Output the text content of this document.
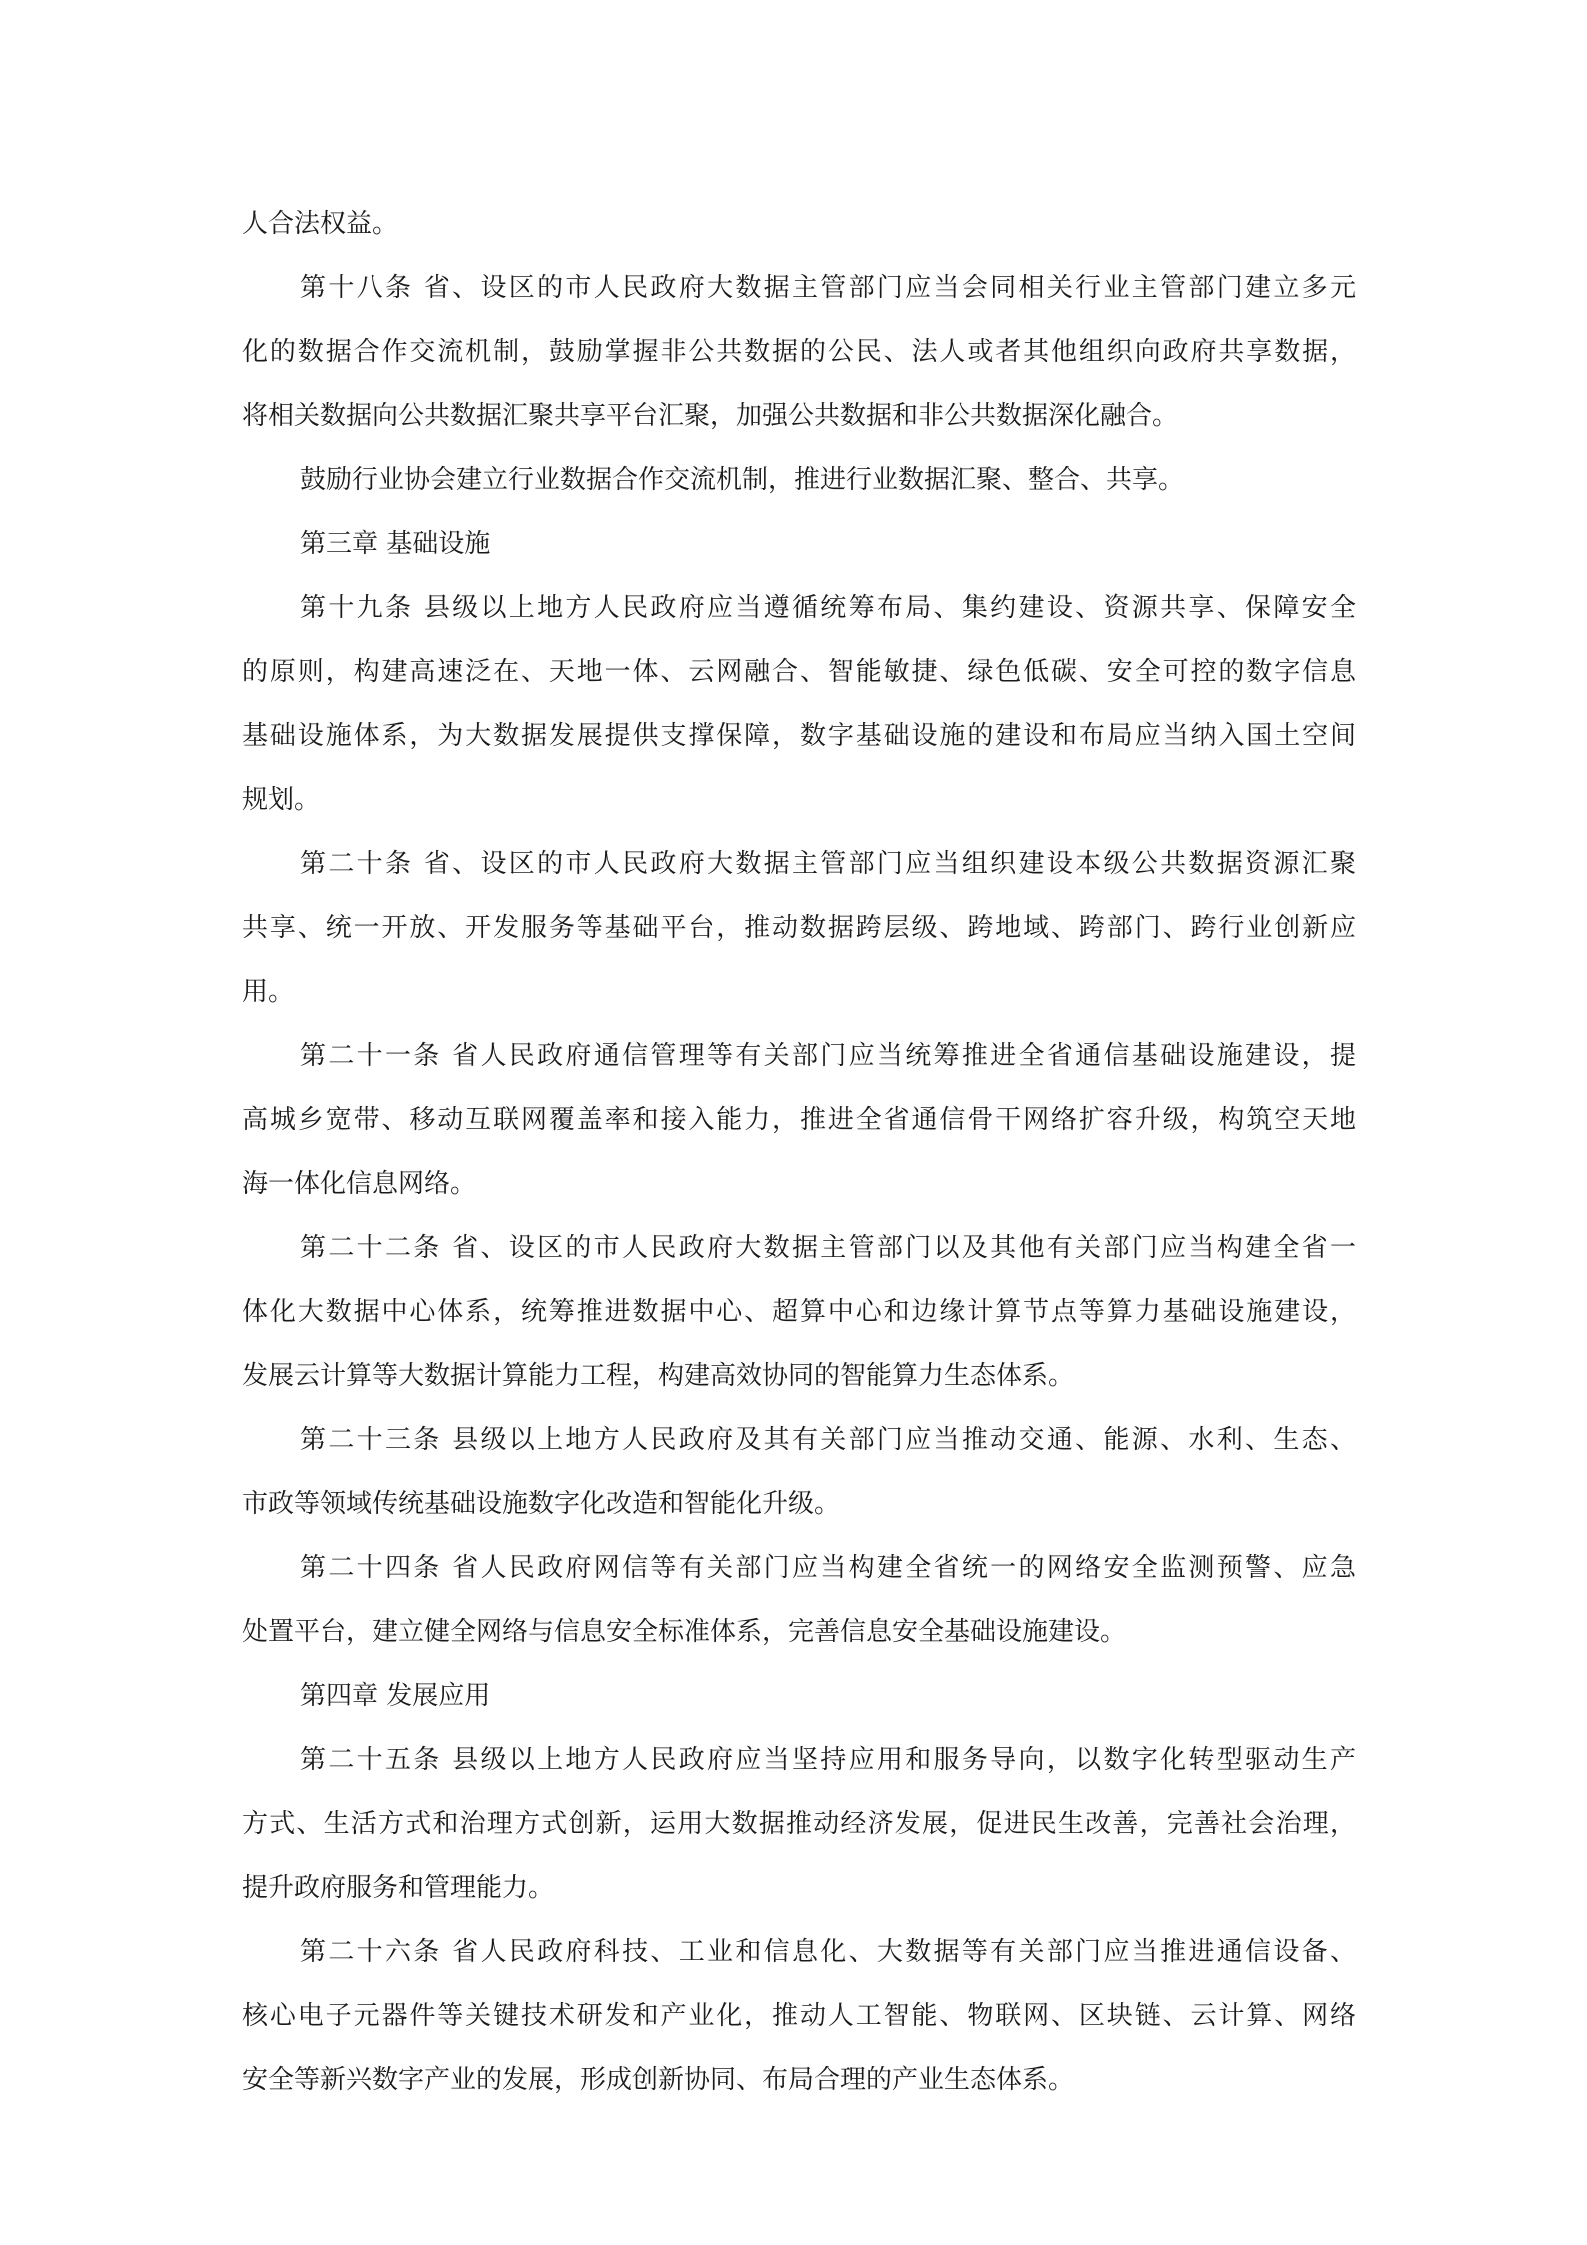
人合法权益。
第十八条 省、设区的市人民政府大数据主管部门应当会同相关行业主管部门建立多元
化的数据合作交流机制，鼓励掌握非公共数据的公民、法人或者其他组织向政府共享数据，
将相关数据向公共数据汇聚共享平台汇聚，加强公共数据和非公共数据深化融合。
鼓励行业协会建立行业数据合作交流机制，推进行业数据汇聚、整合、共享。
第三章 基础设施
第十九条 县级以上地方人民政府应当遵循统筹布局、集约建设、资源共享、保障安全
的原则，构建高速泛在、天地一体、云网融合、智能敏捷、绿色低碳、安全可控的数字信息
基础设施体系，为大数据发展提供支撑保障，数字基础设施的建设和布局应当纳入国土空间
规划。
第二十条 省、设区的市人民政府大数据主管部门应当组织建设本级公共数据资源汇聚
共享、统一开放、开发服务等基础平台，推动数据跨层级、跨地域、跨部门、跨行业创新应
用。
第二十一条 省人民政府通信管理等有关部门应当统筹推进全省通信基础设施建设，提
高城乡宽带、移动互联网覆盖率和接入能力，推进全省通信骨干网络扩容升级，构筑空天地
海一体化信息网络。
第二十二条 省、设区的市人民政府大数据主管部门以及其他有关部门应当构建全省一
体化大数据中心体系，统筹推进数据中心、超算中心和边缘计算节点等算力基础设施建设，
发展云计算等大数据计算能力工程，构建高效协同的智能算力生态体系。
第二十三条 县级以上地方人民政府及其有关部门应当推动交通、能源、水利、生态、
市政等领域传统基础设施数字化改造和智能化升级。
第二十四条 省人民政府网信等有关部门应当构建全省统一的网络安全监测预警、应急
处置平台，建立健全网络与信息安全标准体系，完善信息安全基础设施建设。
第四章 发展应用
第二十五条 县级以上地方人民政府应当坚持应用和服务导向，以数字化转型驱动生产
方式、生活方式和治理方式创新，运用大数据推动经济发展，促进民生改善，完善社会治理，
提升政府服务和管理能力。
第二十六条 省人民政府科技、工业和信息化、大数据等有关部门应当推进通信设备、
核心电子元器件等关键技术研发和产业化，推动人工智能、物联网、区块链、云计算、网络
安全等新兴数字产业的发展，形成创新协同、布局合理的产业生态体系。
